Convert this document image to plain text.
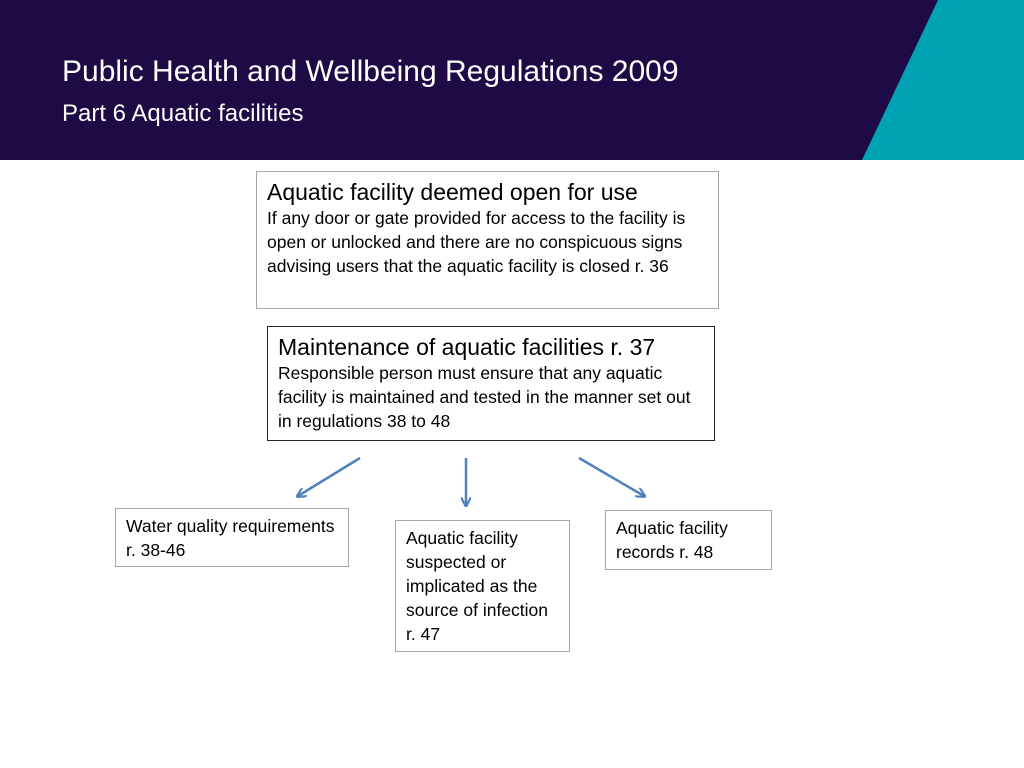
Public Health and Wellbeing Regulations 2009
Part 6 Aquatic facilities
Aquatic facility deemed open for use
If any door or gate provided for access to the facility is open or unlocked and there are no conspicuous signs advising users that the aquatic facility is closed r. 36
Maintenance of aquatic facilities r. 37
Responsible person must ensure that any aquatic facility is maintained and tested in the manner set out in regulations 38 to 48
Water quality requirements r. 38-46
Aquatic facility suspected or implicated as the source of infection r. 47
Aquatic facility records r. 48
